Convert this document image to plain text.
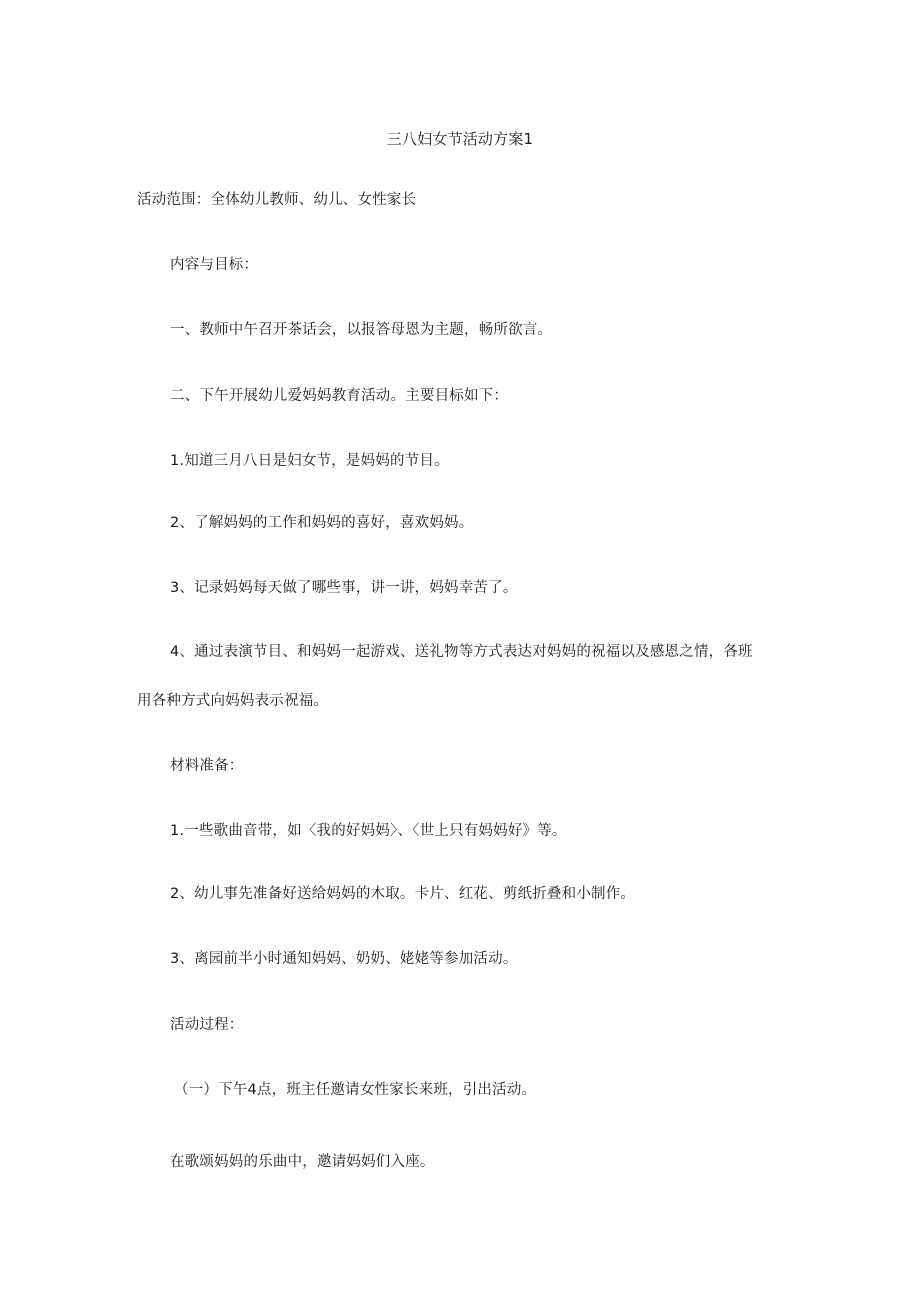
三八妇女节活动方案1
活动范围：全体幼儿教师、幼儿、女性家长
内容与目标：
一、教师中午召开茶话会，以报答母恩为主题，畅所欲言。
二、下午开展幼儿爱妈妈教育活动。主要目标如下：
1.知道三月八日是妇女节，是妈妈的节目。
2、了解妈妈的工作和妈妈的喜好，喜欢妈妈。
3、记录妈妈每天做了哪些事，讲一讲，妈妈幸苦了。
4、通过表演节目、和妈妈一起游戏、送礼物等方式表达对妈妈的祝福以及感恩之情，各班
用各种方式向妈妈表示祝福。
材料准备：
1.一些歌曲音带，如〈我的好妈妈〉、〈世上只有妈妈好》等。
2、幼儿事先准备好送给妈妈的木取。卡片、红花、剪纸折叠和小制作。
3、离园前半小时通知妈妈、奶奶、姥姥等参加活动。
活动过程：
（一）下午4点，班主任邀请女性家长来班，引出活动。
在歌颂妈妈的乐曲中，邀请妈妈们入座。
